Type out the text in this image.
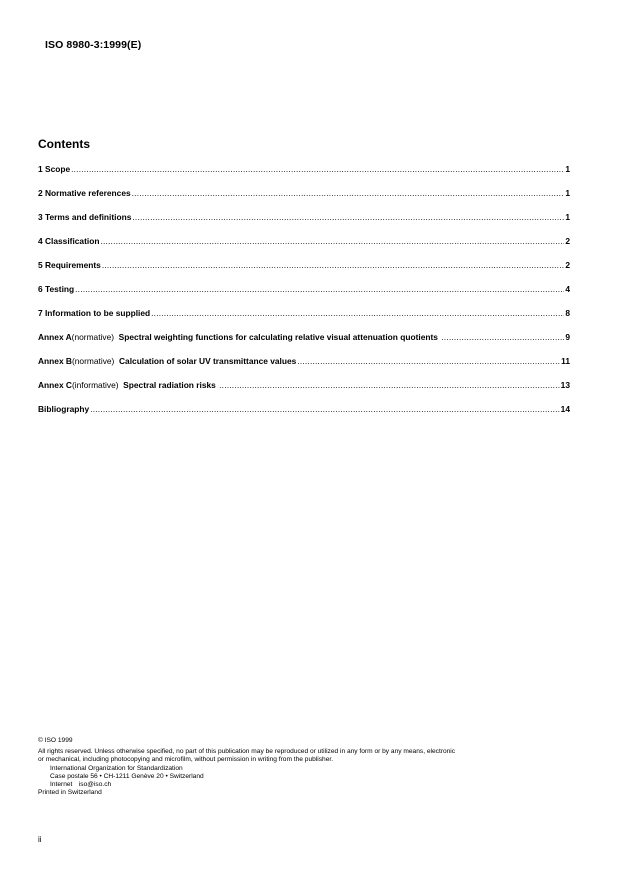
ISO 8980-3:1999(E)
Contents
1 Scope .....	1
2 Normative references .....	1
3 Terms and definitions .....	1
4 Classification .....	2
5 Requirements .....	2
6 Testing .....	4
7 Information to be supplied .....	8
Annex A (normative) Spectral weighting functions for calculating relative visual attenuation quotients .....	9
Annex B (normative) Calculation of solar UV transmittance values .....	11
Annex C (informative) Spectral radiation risks .....	13
Bibliography .....	14
© ISO 1999
All rights reserved. Unless otherwise specified, no part of this publication may be reproduced or utilized in any form or by any means, electronic
or mechanical, including photocopying and microfilm, without permission in writing from the publisher.
International Organization for Standardization
Case postale 56 • CH-1211 Genève 20 • Switzerland
Internet iso@iso.ch
Printed in Switzerland
ii
